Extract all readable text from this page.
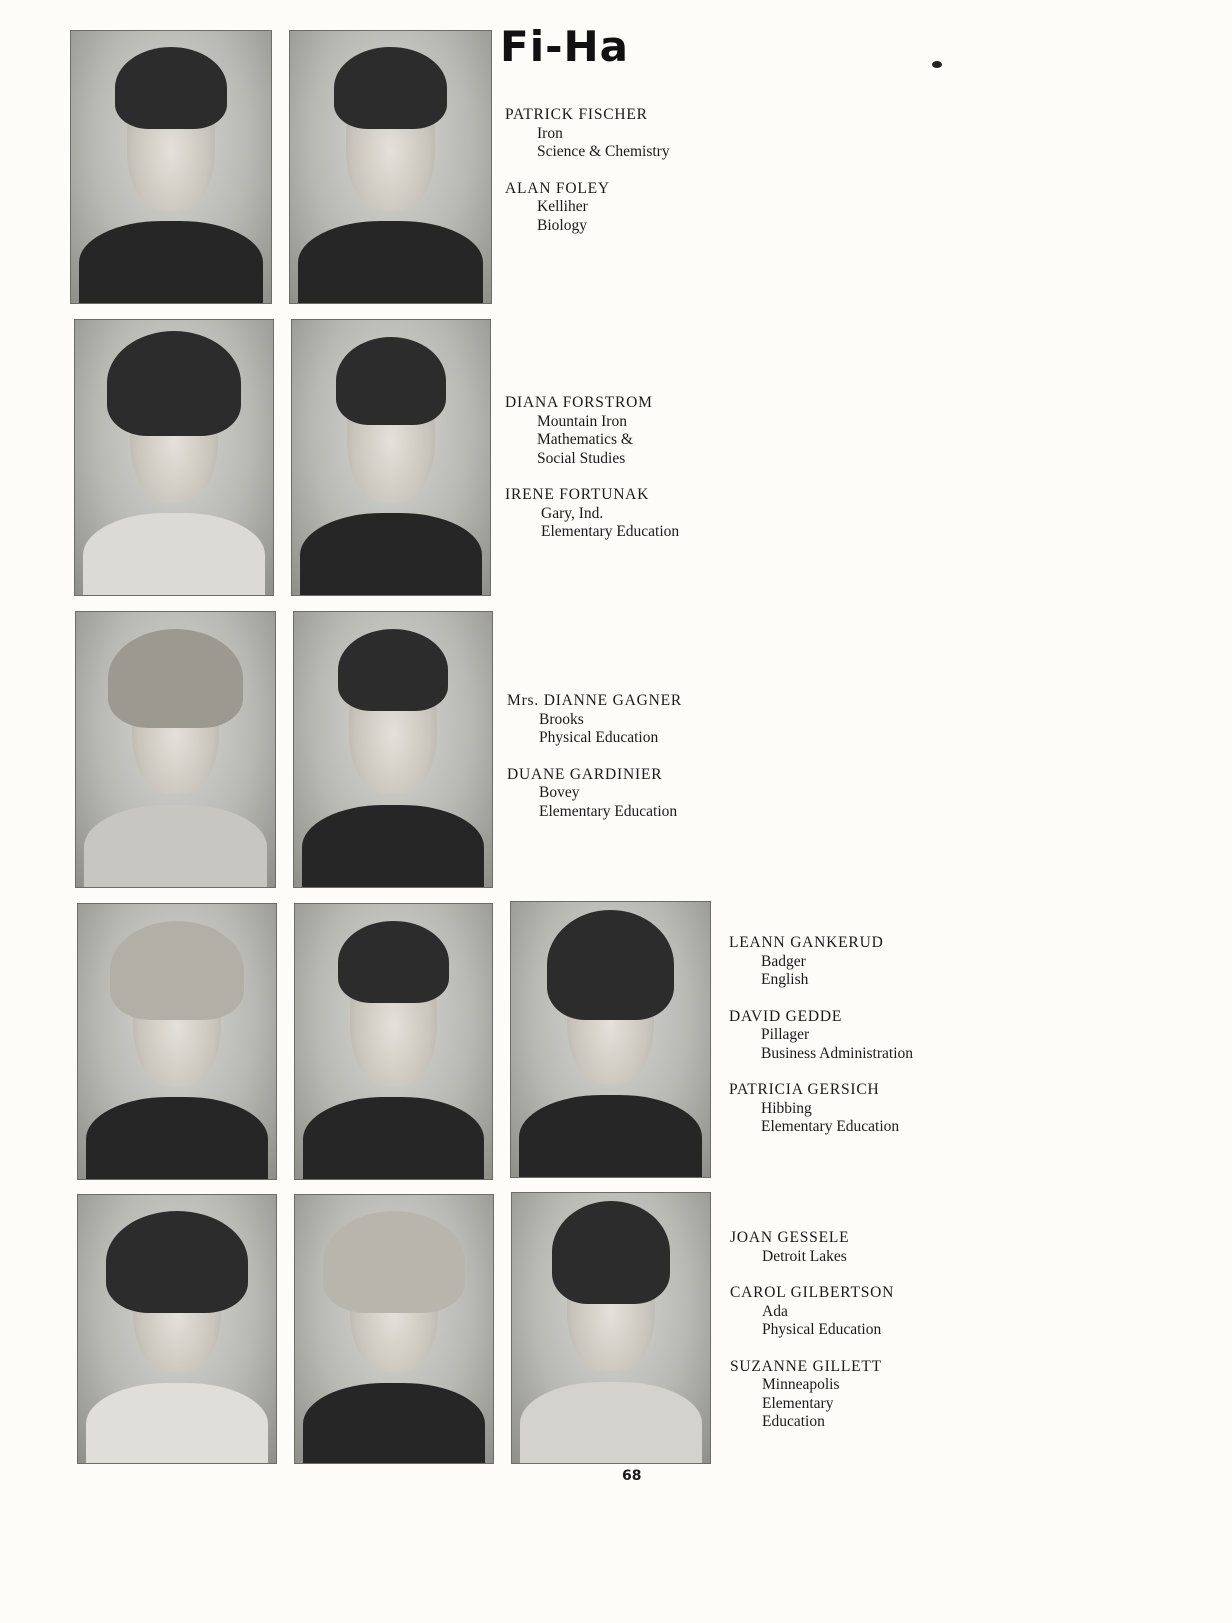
Fi-Ha
PATRICK FISCHER
Iron
Science & Chemistry
ALAN FOLEY
Kelliher
Biology
DIANA FORSTROM
Mountain Iron
Mathematics &
Social Studies
IRENE FORTUNAK
Gary, Ind.
Elementary Education
Mrs. DIANNE GAGNER
Brooks
Physical Education
DUANE GARDINIER
Bovey
Elementary Education
LEANN GANKERUD
Badger
English
DAVID GEDDE
Pillager
Business Administration
PATRICIA GERSICH
Hibbing
Elementary Education
JOAN GESSELE
Detroit Lakes
CAROL GILBERTSON
Ada
Physical Education
SUZANNE GILLETT
Minneapolis
Elementary
Education
68
